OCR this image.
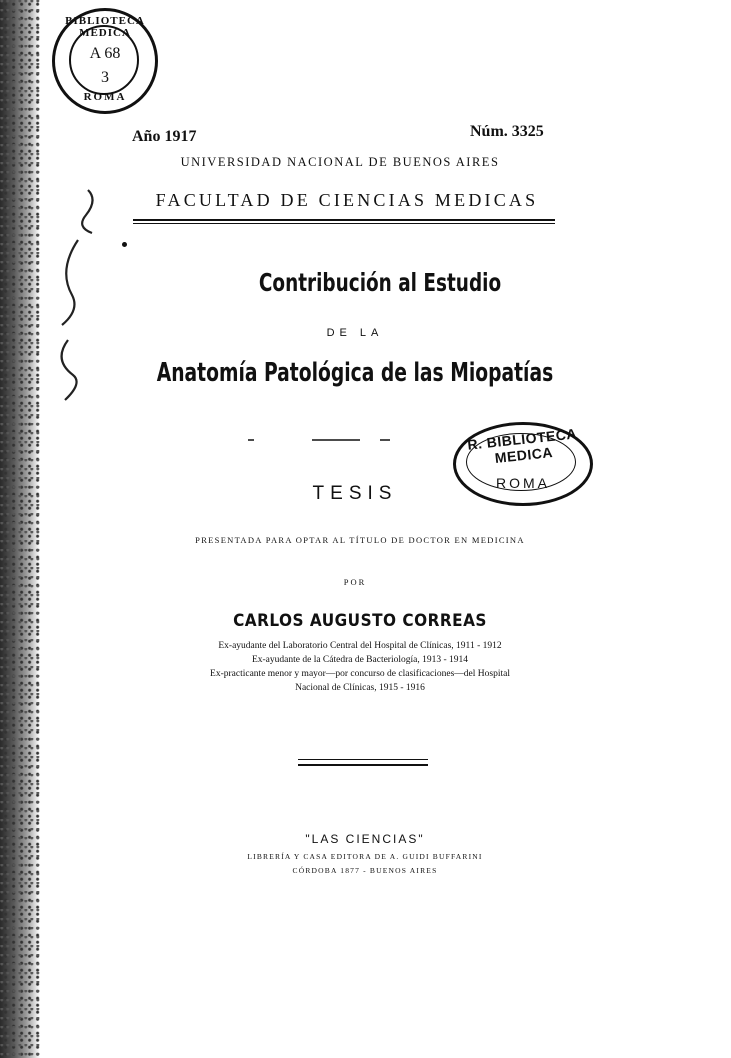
BIBLIOTECA MEDICA
A 68
3
ROMA
Año 1917	Núm. 3325
UNIVERSIDAD NACIONAL DE BUENOS AIRES
FACULTAD DE CIENCIAS MEDICAS
Contribución al Estudio
DE LA
Anatomía Patológica de las Miopatías
R. BIBLIOTECA MEDICA
ROMA
TESIS
PRESENTADA PARA OPTAR AL TÍTULO DE DOCTOR EN MEDICINA
POR
CARLOS AUGUSTO CORREAS
Ex-ayudante del Laboratorio Central del Hospital de Clínicas, 1911 - 1912
Ex-ayudante de la Cátedra de Bacteriología, 1913 - 1914
Ex-practicante menor y mayor—por concurso de clasificaciones—del Hospital
Nacional de Clínicas, 1915 - 1916
"LAS CIENCIAS"
LIBRERÍA Y CASA EDITORA DE A. GUIDI BUFFARINI
CÓRDOBA 1877 - BUENOS AIRES
